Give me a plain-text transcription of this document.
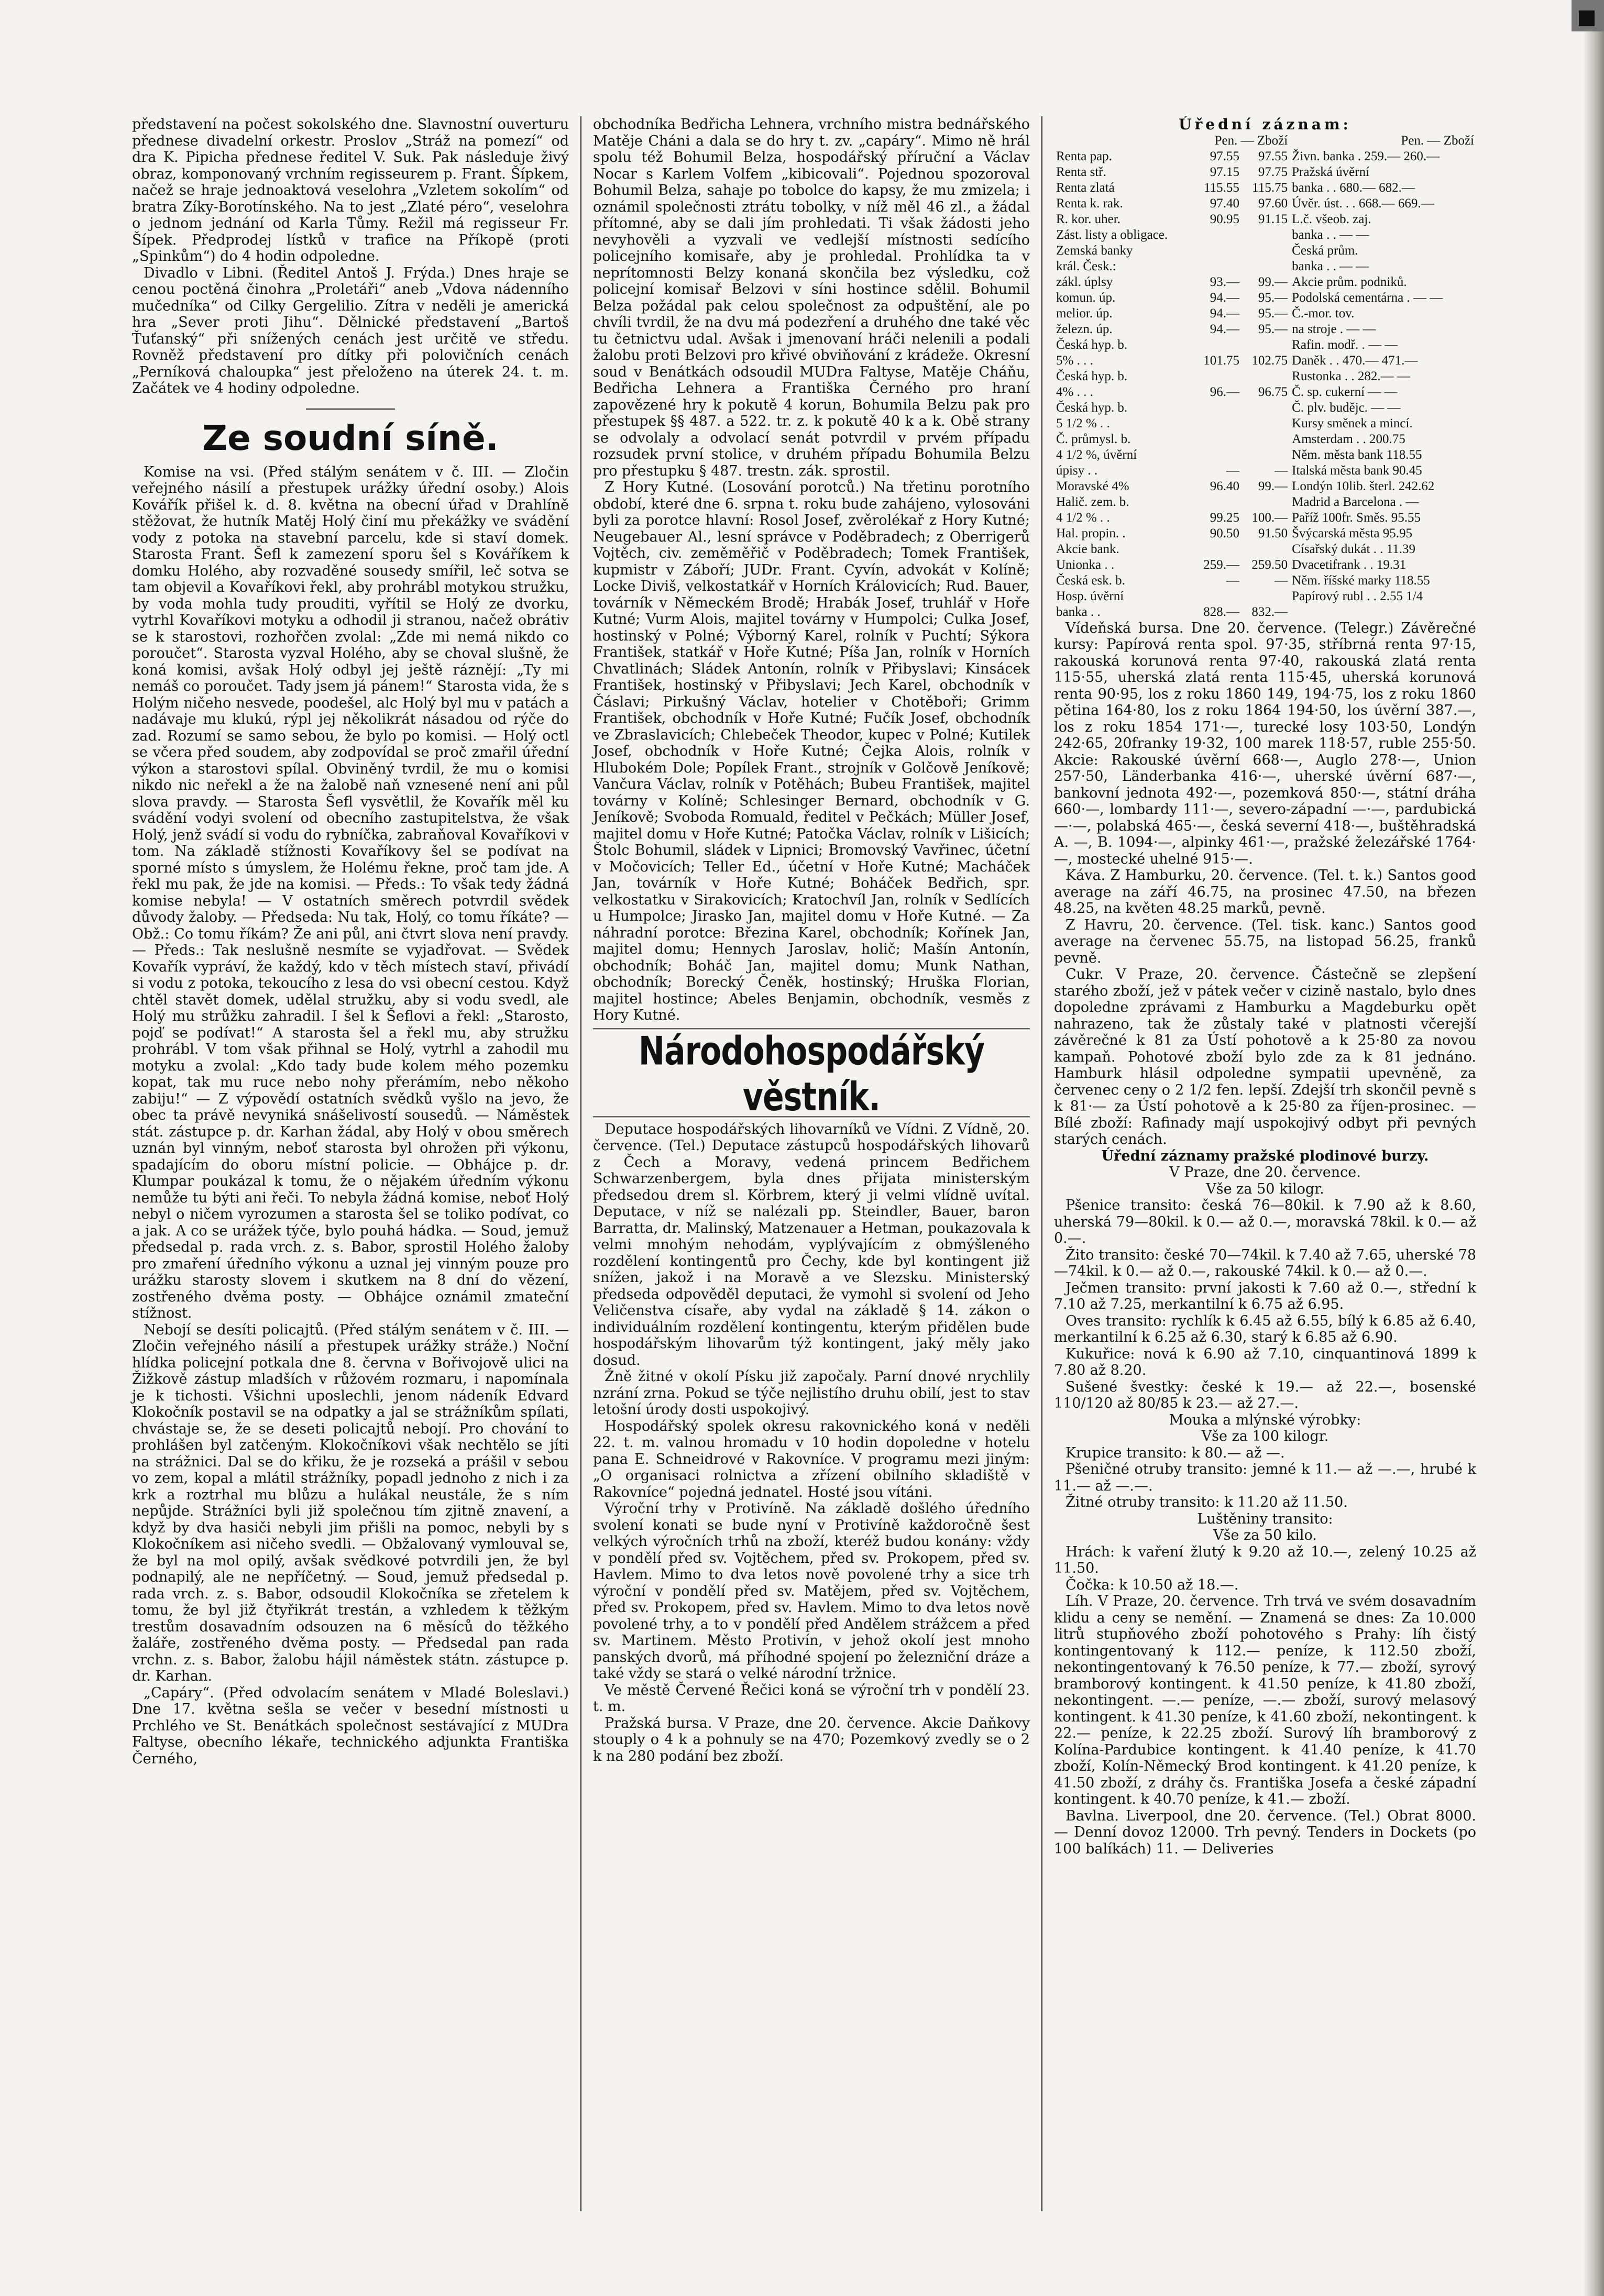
představení na počest sokolského dne. Slavnostní ouverturu přednese divadelní orkestr. Proslov „Stráž na pomezí“ od dra K. Pipicha přednese ředitel V. Suk. Pak následuje živý obraz, komponovaný vrchním regisseurem p. Frant. Šípkem, načež se hraje jednoaktová veselohra „Vzletem sokolím“ od bratra Zíky-Borotínského. Na to jest „Zlaté péro“, veselohra o jednom jednání od Karla Tůmy. Režil má regisseur Fr. Šípek. Předprodej lístků v trafice na Příkopě (proti „Spinkům“) do 4 hodin odpoledne.

Divadlo v Libni. (Ředitel Antoš J. Frýda.) Dnes hraje se cenou poctěná činohra „Proletáři“ aneb „Vdova nádenního mučedníka“ od Cilky Gergelilio. Zítra v neděli je americká hra „Sever proti Jihu“. Dělnické představení „Bartoš Ťuťanský“ při snížených cenách jest určitě ve středu. Rovněž představení pro dítky při polovičních cenách „Perníková chaloupka“ jest přeloženo na úterek 24. t. m. Začátek ve 4 hodiny odpoledne.

Ze soudní síně.

Komise na vsi. (Před stálým senátem v č. III. — Zločin veřejného násilí a přestupek urážky úřední osoby.) Alois Kovářík přišel k. d. 8. května na obecní úřad v Drahlíně stěžovat, že hutník Matěj Holý činí mu překážky ve svádění vody z potoka na stavební parcelu, kde si staví domek. Starosta Frant. Šefl k zamezení sporu šel s Kováříkem k domku Holého, aby rozvaděné sousedy smířil, leč sotva se tam objevil a Kovaříkovi řekl, aby prohrábl motykou stružku, by voda mohla tudy prouditi, vyřítil se Holý ze dvorku, vytrhl Kovaříkovi motyku a odhodil ji stranou, načež obrátiv se k starostovi, rozhořčen zvolal: „Zde mi nemá nikdo co poroučet“. Starosta vyzval Holého, aby se choval slušně, že koná komisi, avšak Holý odbyl jej ještě ráznějí: „Ty mi nemáš co poroučet. Tady jsem já pánem!“ Starosta vida, že s Holým ničeho nesvede, poodešel, alc Holý byl mu v patách a nadávaje mu klukú, rýpl jej několikrát násadou od rýče do zad. Rozumí se samo sebou, že bylo po komisi. — Holý octl se včera před soudem, aby zodpovídal se proč zmařil úřední výkon a starostovi spílal. Obviněný tvrdil, že mu o komisi nikdo nic neřekl a že na žalobě naň vznesené není ani půl slova pravdy. — Starosta Šefl vysvětlil, že Kovařík měl ku svádění vodyi svolení od obecního zastupitelstva, že však Holý, jenž svádí si vodu do rybníčka, zabraňoval Kovaříkovi v tom. Na základě stížnosti Kovaříkovy šel se podívat na sporné místo s úmyslem, že Holému řekne, proč tam jde. A řekl mu pak, že jde na komisi. — Předs.: To však tedy žádná komise nebyla! — V ostatních směrech potvrdil svědek důvody žaloby. — Předseda: Nu tak, Holý, co tomu říkáte? — Obž.: Co tomu říkám? Že ani půl, ani čtvrt slova není pravdy. — Předs.: Tak neslušně nesmíte se vyjadřovat. — Svědek Kovařík vypráví, že každý, kdo v těch místech staví, přivádí si vodu z potoka, tekoucího z lesa do vsi obecní cestou. Když chtěl stavět domek, udělal stružku, aby si vodu svedl, ale Holý mu strůžku zahradil. I šel k Šeflovi a řekl: „Starosto, pojď se podívat!“ A starosta šel a řekl mu, aby stružku prohrábl. V tom však přihnal se Holý, vytrhl a zahodil mu motyku a zvolal: „Kdo tady bude kolem mého pozemku kopat, tak mu ruce nebo nohy přerámím, nebo někoho zabiju!“ — Z výpovědí ostatních svědků vyšlo na jevo, že obec ta právě nevyniká snášelivostí sousedů. — Náměstek stát. zástupce p. dr. Karhan žádal, aby Holý v obou směrech uznán byl vinným, neboť starosta byl ohrožen při výkonu, spadajícím do oboru místní policie. — Obhájce p. dr. Klumpar poukázal k tomu, že o nějakém úředním výkonu nemůže tu býti ani řeči. To nebyla žádná komise, neboť Holý nebyl o ničem vyrozumen a starosta šel se toliko podívat, co a jak. A co se urážek týče, bylo pouhá hádka. — Soud, jemuž předsedal p. rada vrch. z. s. Babor, sprostil Holého žaloby pro zmaření úředního výkonu a uznal jej vinným pouze pro urážku starosty slovem i skutkem na 8 dní do vězení, zostřeného dvěma posty. — Obhájce oznámil zmateční stížnost.

Nebojí se desíti policajtů. (Před stálým senátem v č. III. — Zločin veřejného násilí a přestupek urážky stráže.) Noční hlídka policejní potkala dne 8. června v Bořivojově ulici na Žižkově zástup mladších v růžovém rozmaru, i napomínala je k tichosti. Všichni uposlechli, jenom nádeník Edvard Klokočník postavil se na odpatky a jal se strážníkům spílati, chvástaje se, že se deseti policajtů nebojí. Pro chování to prohlášen byl zatčeným. Klokočníkovi však nechtělo se jíti na strážnici. Dal se do křiku, že je rozseká a prášil v sebou vo zem, kopal a mlátil strážníky, popadl jednoho z nich i za krk a roztrhal mu blůzu a hulákal neustále, že s ním nepůjde. Strážníci byli již společnou tím zjitně znavení, a když by dva hasiči nebyli jim přišli na pomoc, nebyli by s Klokočníkem asi ničeho svedli. — Obžalovaný vymlouval se, že byl na mol opilý, avšak svědkové potvrdili jen, že byl podnapilý, ale ne nepříčetný. — Soud, jemuž předsedal p. rada vrch. z. s. Babor, odsoudil Klokočníka se zřetelem k tomu, že byl již čtyřikrát trestán, a vzhledem k těžkým trestům dosavadním odsouzen na 6 měsíců do těžkého žaláře, zostřeného dvěma posty. — Předsedal pan rada vrchn. z. s. Babor, žalobu hájil náměstek státn. zástupce p. dr. Karhan.

„Capáry“. (Před odvolacím senátem v Mladé Boleslavi.) Dne 17. května sešla se večer v besední místnosti u Prchlého ve St. Benátkách společnost sestávající z MUDra Faltyse, obecního lékaře, technického adjunkta Františka Černého,

obchodníka Bedřicha Lehnera, vrchního mistra bednářského Matěje Cháni a dala se do hry t. zv. „capáry“. Mimo ně hrál spolu též Bohumil Belza, hospodářský příruční a Václav Nocar s Karlem Volfem „kibicovali“. Pojednou spozoroval Bohumil Belza, sahaje po tobolce do kapsy, že mu zmizela; i oznámil společnosti ztrátu tobolky, v níž měl 46 zl., a žádal přítomné, aby se dali jím prohledati. Ti však žádosti jeho nevyhověli a vyzvali ve vedlejší místnosti sedícího policejního komisaře, aby je prohledal. Prohlídka ta v neprítomnosti Belzy konaná skončila bez výsledku, což policejní komisař Belzovi v síni hostince sdělil. Bohumil Belza požádal pak celou společnost za odpuštění, ale po chvíli tvrdil, že na dvu má podezření a druhého dne také věc tu četnictvu udal. Avšak i jmenovaní hráči nelenili a podali žalobu proti Belzovi pro křivé obviňování z krádeže. Okresní soud v Benátkách odsoudil MUDra Faltyse, Matěje Cháňu, Bedřicha Lehnera a Františka Černého pro hraní zapovězené hry k pokutě 4 korun, Bohumila Belzu pak pro přestupek §§ 487. a 522. tr. z. k pokutě 40 k a k. Obě strany se odvolaly a odvolací senát potvrdil v prvém případu rozsudek první stolice, v druhém případu Bohumila Belzu pro přestupku § 487. trestn. zák. sprostil.

Z Hory Kutné. (Losování porotců.) Na třetinu porotního období, které dne 6. srpna t. roku bude zahájeno, vylosováni byli za porotce hlavní: Rosol Josef, zvěrolékař z Hory Kutné; Neugebauer Al., lesní správce v Poděbradech; z Oberrigerů Vojtěch, civ. zeměměřič v Poděbradech; Tomek František, kupmistr v Záboří; JUDr. Frant. Cyvín, advokát v Kolíně; Locke Diviš, velkostatkář v Horních Královicích; Rud. Bauer, továrník v Německém Brodě; Hrabák Josef, truhlář v Hoře Kutné; Vurm Alois, majitel továrny v Humpolci; Culka Josef, hostinský v Polné; Výborný Karel, rolník v Puchtí; Sýkora František, statkář v Hoře Kutné; Píša Jan, rolník v Horních Chvatlinách; Sládek Antonín, rolník v Přibyslavi; Kinsácek František, hostinský v Přibyslavi; Jech Karel, obchodník v Čáslavi; Pirkušný Václav, hotelier v Chotěboři; Grimm František, obchodník v Hoře Kutné; Fučík Josef, obchodník ve Zbraslavicích; Chlebeček Theodor, kupec v Polné; Kutilek Josef, obchodník v Hoře Kutné; Čejka Alois, rolník v Hlubokém Dole; Popílek Frant., strojník v Golčově Jeníkově; Vančura Václav, rolník v Potěhách; Bubeu František, majitel továrny v Kolíně; Schlesinger Bernard, obchodník v G. Jeníkově; Svoboda Romuald, ředitel v Pečkách; Müller Josef, majitel domu v Hoře Kutné; Patočka Václav, rolník v Lišicích; Štolc Bohumil, sládek v Lipnici; Bromovský Vavřinec, účetní v Močovicích; Teller Ed., účetní v Hoře Kutné; Macháček Jan, továrník v Hoře Kutné; Boháček Bedřich, spr. velkostatku v Sirakovicích; Kratochvíl Jan, rolník v Sedlících u Humpolce; Jirasko Jan, majitel domu v Hoře Kutné. — Za náhradní porotce: Březina Karel, obchodník; Kořínek Jan, majitel domu; Hennych Jaroslav, holič; Mašín Antonín, obchodník; Boháč Jan, majitel domu; Munk Nathan, obchodník; Borecký Čeněk, hostinský; Hruška Florian, majitel hostince; Abeles Benjamin, obchodník, vesměs z Hory Kutné.

Národohospodářský věstník.

Deputace hospodářských lihovarníků ve Vídni. Z Vídně, 20. července. (Tel.) Deputace zástupců hospodářských lihovarů z Čech a Moravy, vedená princem Bedřichem Schwarzenbergem, byla dnes přijata ministerským předsedou drem sl. Körbrem, který ji velmi vlídně uvítal. Deputace, v níž se nalézali pp. Steindler, Bauer, baron Barratta, dr. Malinský, Matzenauer a Hetman, poukazovala k velmi mnohým nehodám, vyplývajícím z obmýšleného rozdělení kontingentů pro Čechy, kde byl kontingent již snížen, jakož i na Moravě a ve Slezsku. Ministerský předseda odpověděl deputaci, že vymohl si svolení od Jeho Veličenstva císaře, aby vydal na základě § 14. zákon o individuálním rozdělení kontingentu, kterým přidělen bude hospodářským lihovarům týž kontingent, jaký měly jako dosud.

Žně žitné v okolí Písku již započaly. Parní dnové nrychlily nzrání zrna. Pokud se týče nejlistího druhu obilí, jest to stav letošní úrody dosti uspokojivý.

Hospodářský spolek okresu rakovnického koná v neděli 22. t. m. valnou hromadu v 10 hodin dopoledne v hotelu pana E. Schneidrové v Rakovníce. V programu mezi jiným: „O organisaci rolnictva a zřízení obilního skladiště v Rakovníce“ pojedná jednatel. Hosté jsou vítáni.

Výroční trhy v Protivíně. Na základě došlého úředního svolení konati se bude nyní v Protivíně každoročně šest velkých výročních trhů na zboží, kteréž budou konány: vždy v pondělí před sv. Vojtěchem, před sv. Prokopem, před sv. Havlem. Mimo to dva letos nově povolené trhy a sice trh výroční v pondělí před sv. Matějem, před sv. Vojtěchem, před sv. Prokopem, před sv. Havlem. Mimo to dva letos nově povolené trhy, a to v pondělí před Andělem strážcem a před sv. Martinem. Město Protivín, v jehož okolí jest mnoho panských dvorů, má příhodné spojení po železniční dráze a také vždy se stará o velké národní tržnice.

Ve městě Červené Řečici koná se výroční trh v pondělí 23. t. m.

Pražská bursa. V Praze, dne 20. července. Akcie Daňkovy stouply o 4 k a pohnuly se na 470; Pozemkový zvedly se o 2 k na 280 podání bez zboží.

Úřední záznam:
	Pen. — Zboží		Pen. — Zboží
Renta pap.	97.55	97.55	Živn. banka . 259.— 260.—
Renta stř.	97.15	97.75	Pražská úvěrní
Renta zlatá	115.55	115.75	banka . . 680.— 682.—
Renta k. rak.	97.40	97.60	Úvěr. úst. . . 668.— 669.—
R. kor. uher.	90.95	91.15	L.č. všeob. zaj.
Zást. listy a obligace.			banka . . — —
Zemská banky			Česká prům.
král. Česk.:			banka . . — —
zákl. úplsy	93.—	99.—	Akcie prům. podniků.
komun. úp.	94.—	95.—	Podolská cementárna . — —
melior. úp.	94.—	95.—	Č.-mor. tov.
železn. úp.	94.—	95.—	na stroje . — —
Česká hyp. b.			Rafin. modř. . — —
5% . . .	101.75	102.75	Daněk . . 470.— 471.—
Česká hyp. b.			Rustonka . . 282.— —
4% . . .	96.—	96.75	Č. sp. cukerní — —
Česká hyp. b.			Č. plv. budějc. — —
5 1/2 % . .			Kursy směnek a mincí.
Č. průmysl. b.			Amsterdam . . 200.75
4 1/2 %, úvěrní			Něm. města bank 118.55
úpisy . .	—	—	Italská města bank 90.45
Moravské 4%	96.40	99.—	Londýn 10lib. šterl. 242.62
Halič. zem. b.			Madrid a Barcelona . —
4 1/2 % . .	99.25	100.—	Paříž 100fr. Směs. 95.55
Hal. propin. .	90.50	91.50	Švýcarská města 95.95
Akcie bank.			Císařský dukát . . 11.39
Unionka . .	259.—	259.50	Dvacetifrank . . 19.31
Česká esk. b.	—	—	Něm. říšské marky 118.55
Hosp. úvěrní			Papírový rubl . . 2.55 1/4
banka . .	828.—	832.—	

Vídeňská bursa. Dne 20. července. (Telegr.) Závěrečné kursy: Papírová renta spol. 97·35, stříbrná renta 97·15, rakouská korunová renta 97·40, rakouská zlatá renta 115·55, uherská zlatá renta 115·45, uherská korunová renta 90·95, los z roku 1860 149, 194·75, los z roku 1860 pětina 164·80, los z roku 1864 194·50, los úvěrní 387.—, los z roku 1854 171·—, turecké losy 103·50, Londýn 242·65, 20franky 19·32, 100 marek 118·57, ruble 255·50. Akcie: Rakouské úvěrní 668·—, Auglo 278·—, Union 257·50, Länderbanka 416·—, uherské úvěrní 687·—, bankovní jednota 492·—, pozemková 850·—, státní dráha 660·—, lombardy 111·—, severo-západní —·—, pardubická —·—, polabská 465·—, česká severní 418·—, buštěhradská A. —, B. 1094·—, alpinky 461·—, pražské železářské 1764·—, mostecké uhelné 915·—.

Káva. Z Hamburku, 20. července. (Tel. t. k.) Santos good average na září 46.75, na prosinec 47.50, na březen 48.25, na květen 48.25 marků, pevně.

Z Havru, 20. července. (Tel. tisk. kanc.) Santos good average na červenec 55.75, na listopad 56.25, franků pevně.

Cukr. V Praze, 20. července. Částečně se zlepšení starého zboží, jež v pátek večer v cizině nastalo, bylo dnes dopoledne zprávami z Hamburku a Magdeburku opět nahrazeno, tak že zůstaly také v platnosti včerejší závěrečné k 81 za Ústí pohotově a k 25·80 za novou kampaň. Pohotové zboží bylo zde za k 81 jednáno. Hamburk hlásil odpoledne sympatii upevněně, za červenec ceny o 2 1/2 fen. lepší. Zdejší trh skončil pevně s k 81·— za Ústí pohotově a k 25·80 za říjen-prosinec. — Bílé zboží: Rafinady mají uspokojivý odbyt při pevných starých cenách.

Úřední záznamy pražské plodinové burzy.
V Praze, dne 20. července.
Vše za 50 kilogr.

Pšenice transito: česká 76—80kil. k 7.90 až k 8.60, uherská 79—80kil. k 0.— až 0.—, moravská 78kil. k 0.— až 0.—.

Žito transito: české 70—74kil. k 7.40 až 7.65, uherské 78—74kil. k 0.— až 0.—, rakouské 74kil. k 0.— až 0.—.

Ječmen transito: první jakosti k 7.60 až 0.—, střední k 7.10 až 7.25, merkantilní k 6.75 až 6.95.

Oves transito: rychlík k 6.45 až 6.55, bílý k 6.85 až 6.40, merkantilní k 6.25 až 6.30, starý k 6.85 až 6.90.

Kukuřice: nová k 6.90 až 7.10, cinquantinová 1899 k 7.80 až 8.20.

Sušené švestky: české k 19.— až 22.—, bosenské 110/120 až 80/85 k 23.— až 27.—.

Mouka a mlýnské výrobky:
Vše za 100 kilogr.

Krupice transito: k 80.— až —.

Pšeničné otruby transito: jemné k 11.— až —.—, hrubé k 11.— až —.—.

Žitné otruby transito: k 11.20 až 11.50.

Luštěniny transito:
Vše za 50 kilo.

Hrách: k vaření žlutý k 9.20 až 10.—, zelený 10.25 až 11.50.

Čočka: k 10.50 až 18.—.

Líh. V Praze, 20. července. Trh trvá ve svém dosavadním klidu a ceny se nemění. — Znamená se dnes: Za 10.000 litrů stupňového zboží pohotového s Prahy: líh čistý kontingentovaný k 112.— peníze, k 112.50 zboží, nekontingentovaný k 76.50 peníze, k 77.— zboží, syrový bramborový kontingent. k 41.50 peníze, k 41.80 zboží, nekontingent. —.— peníze, —.— zboží, surový melasový kontingent. k 41.30 peníze, k 41.60 zboží, nekontingent. k 22.— peníze, k 22.25 zboží. Surový líh bramborový z Kolína-Pardubice kontingent. k 41.40 peníze, k 41.70 zboží, Kolín-Německý Brod kontingent. k 41.20 peníze, k 41.50 zboží, z dráhy čs. Františka Josefa a české západní kontingent. k 40.70 peníze, k 41.— zboží.

Bavlna. Liverpool, dne 20. července. (Tel.) Obrat 8000. — Denní dovoz 12000. Trh pevný. Tenders in Dockets (po 100 balíkách) 11. — Deliveries
